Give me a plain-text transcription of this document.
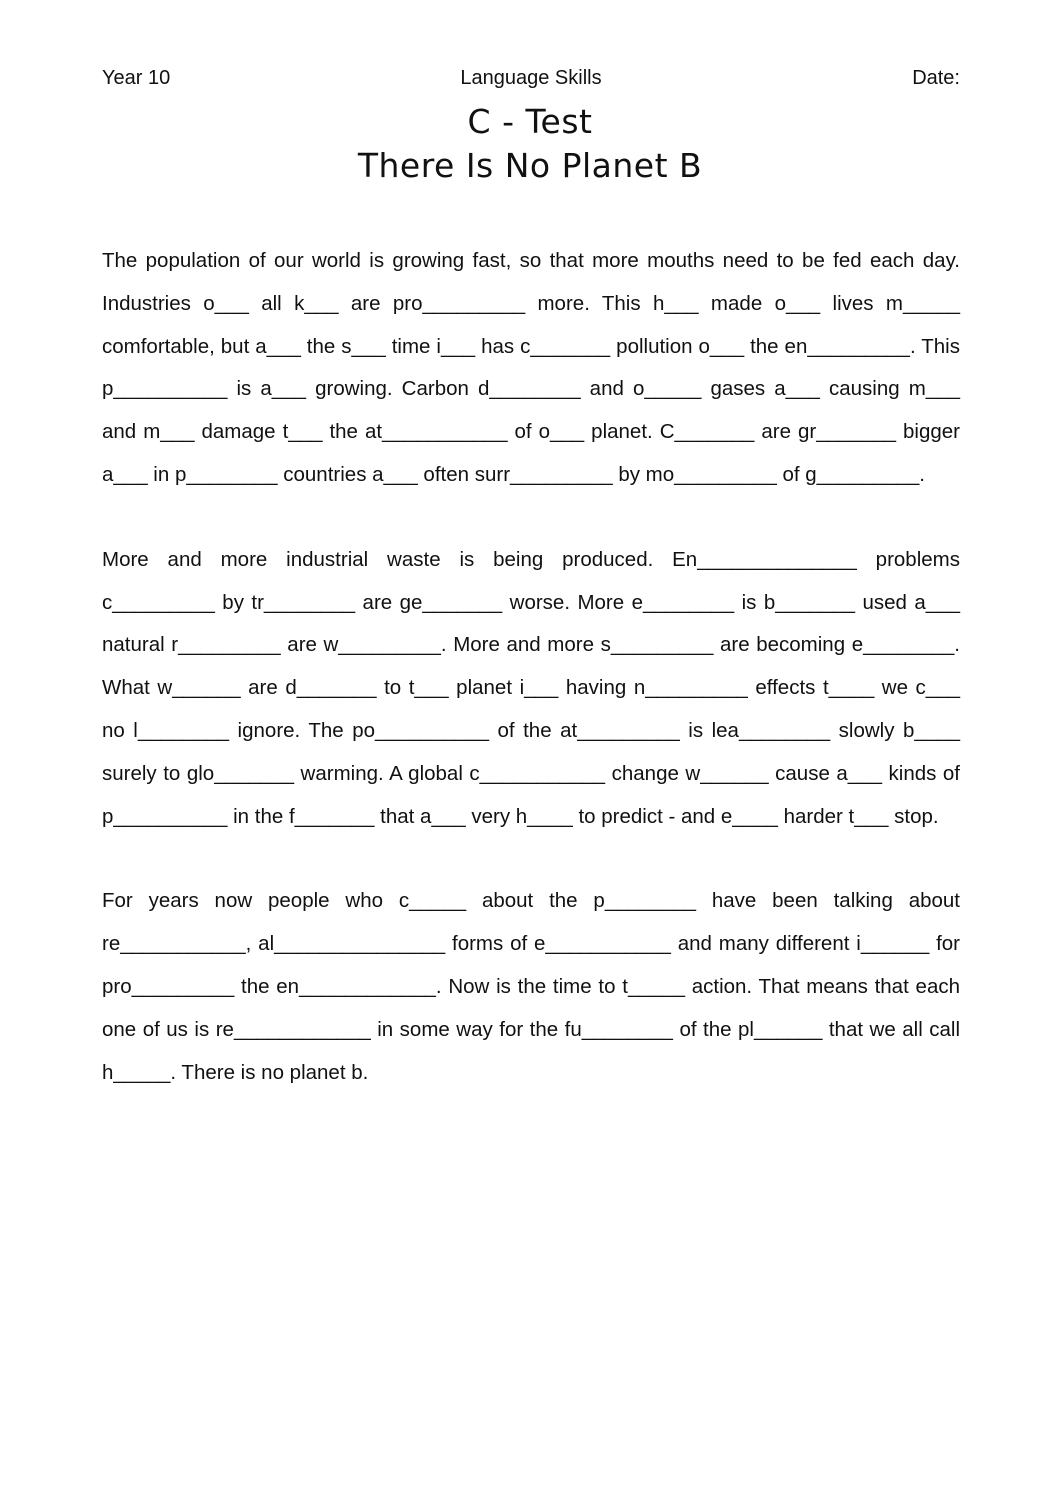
Year 10	Language Skills	Date:
C - Test
There Is No Planet B

The population of our world is growing fast, so that more mouths need to be fed each day. Industries o___ all k___ are pro_________ more. This h___ made o___ lives m_____ comfortable, but a___ the s___ time i___ has c_______ pollution o___ the en_________. This p__________ is a___ growing. Carbon d________ and o_____ gases a___ causing m___ and m___ damage t___ the at___________ of o___ planet. C_______ are gr_______ bigger a___ in p________ countries a___ often surr_________ by mo_________ of g_________.

More and more industrial waste is being produced. En______________ problems c_________ by tr________ are ge_______ worse. More e________ is b_______ used a___ natural r_________ are w_________. More and more s_________ are becoming e________. What w______ are d_______ to t___ planet i___ having n_________ effects t____ we c___ no l________ ignore. The po__________ of the at_________ is lea________ slowly b____ surely to glo_______ warming. A global c___________ change w______ cause a___ kinds of p__________ in the f_______ that a___ very h____ to predict - and e____ harder t___ stop.

For years now people who c_____ about the p________ have been talking about re___________, al_______________ forms of e___________ and many different i______ for pro_________ the en____________. Now is the time to t_____ action. That means that each one of us is re____________ in some way for the fu________ of the pl______ that we all call h_____. There is no planet b.
